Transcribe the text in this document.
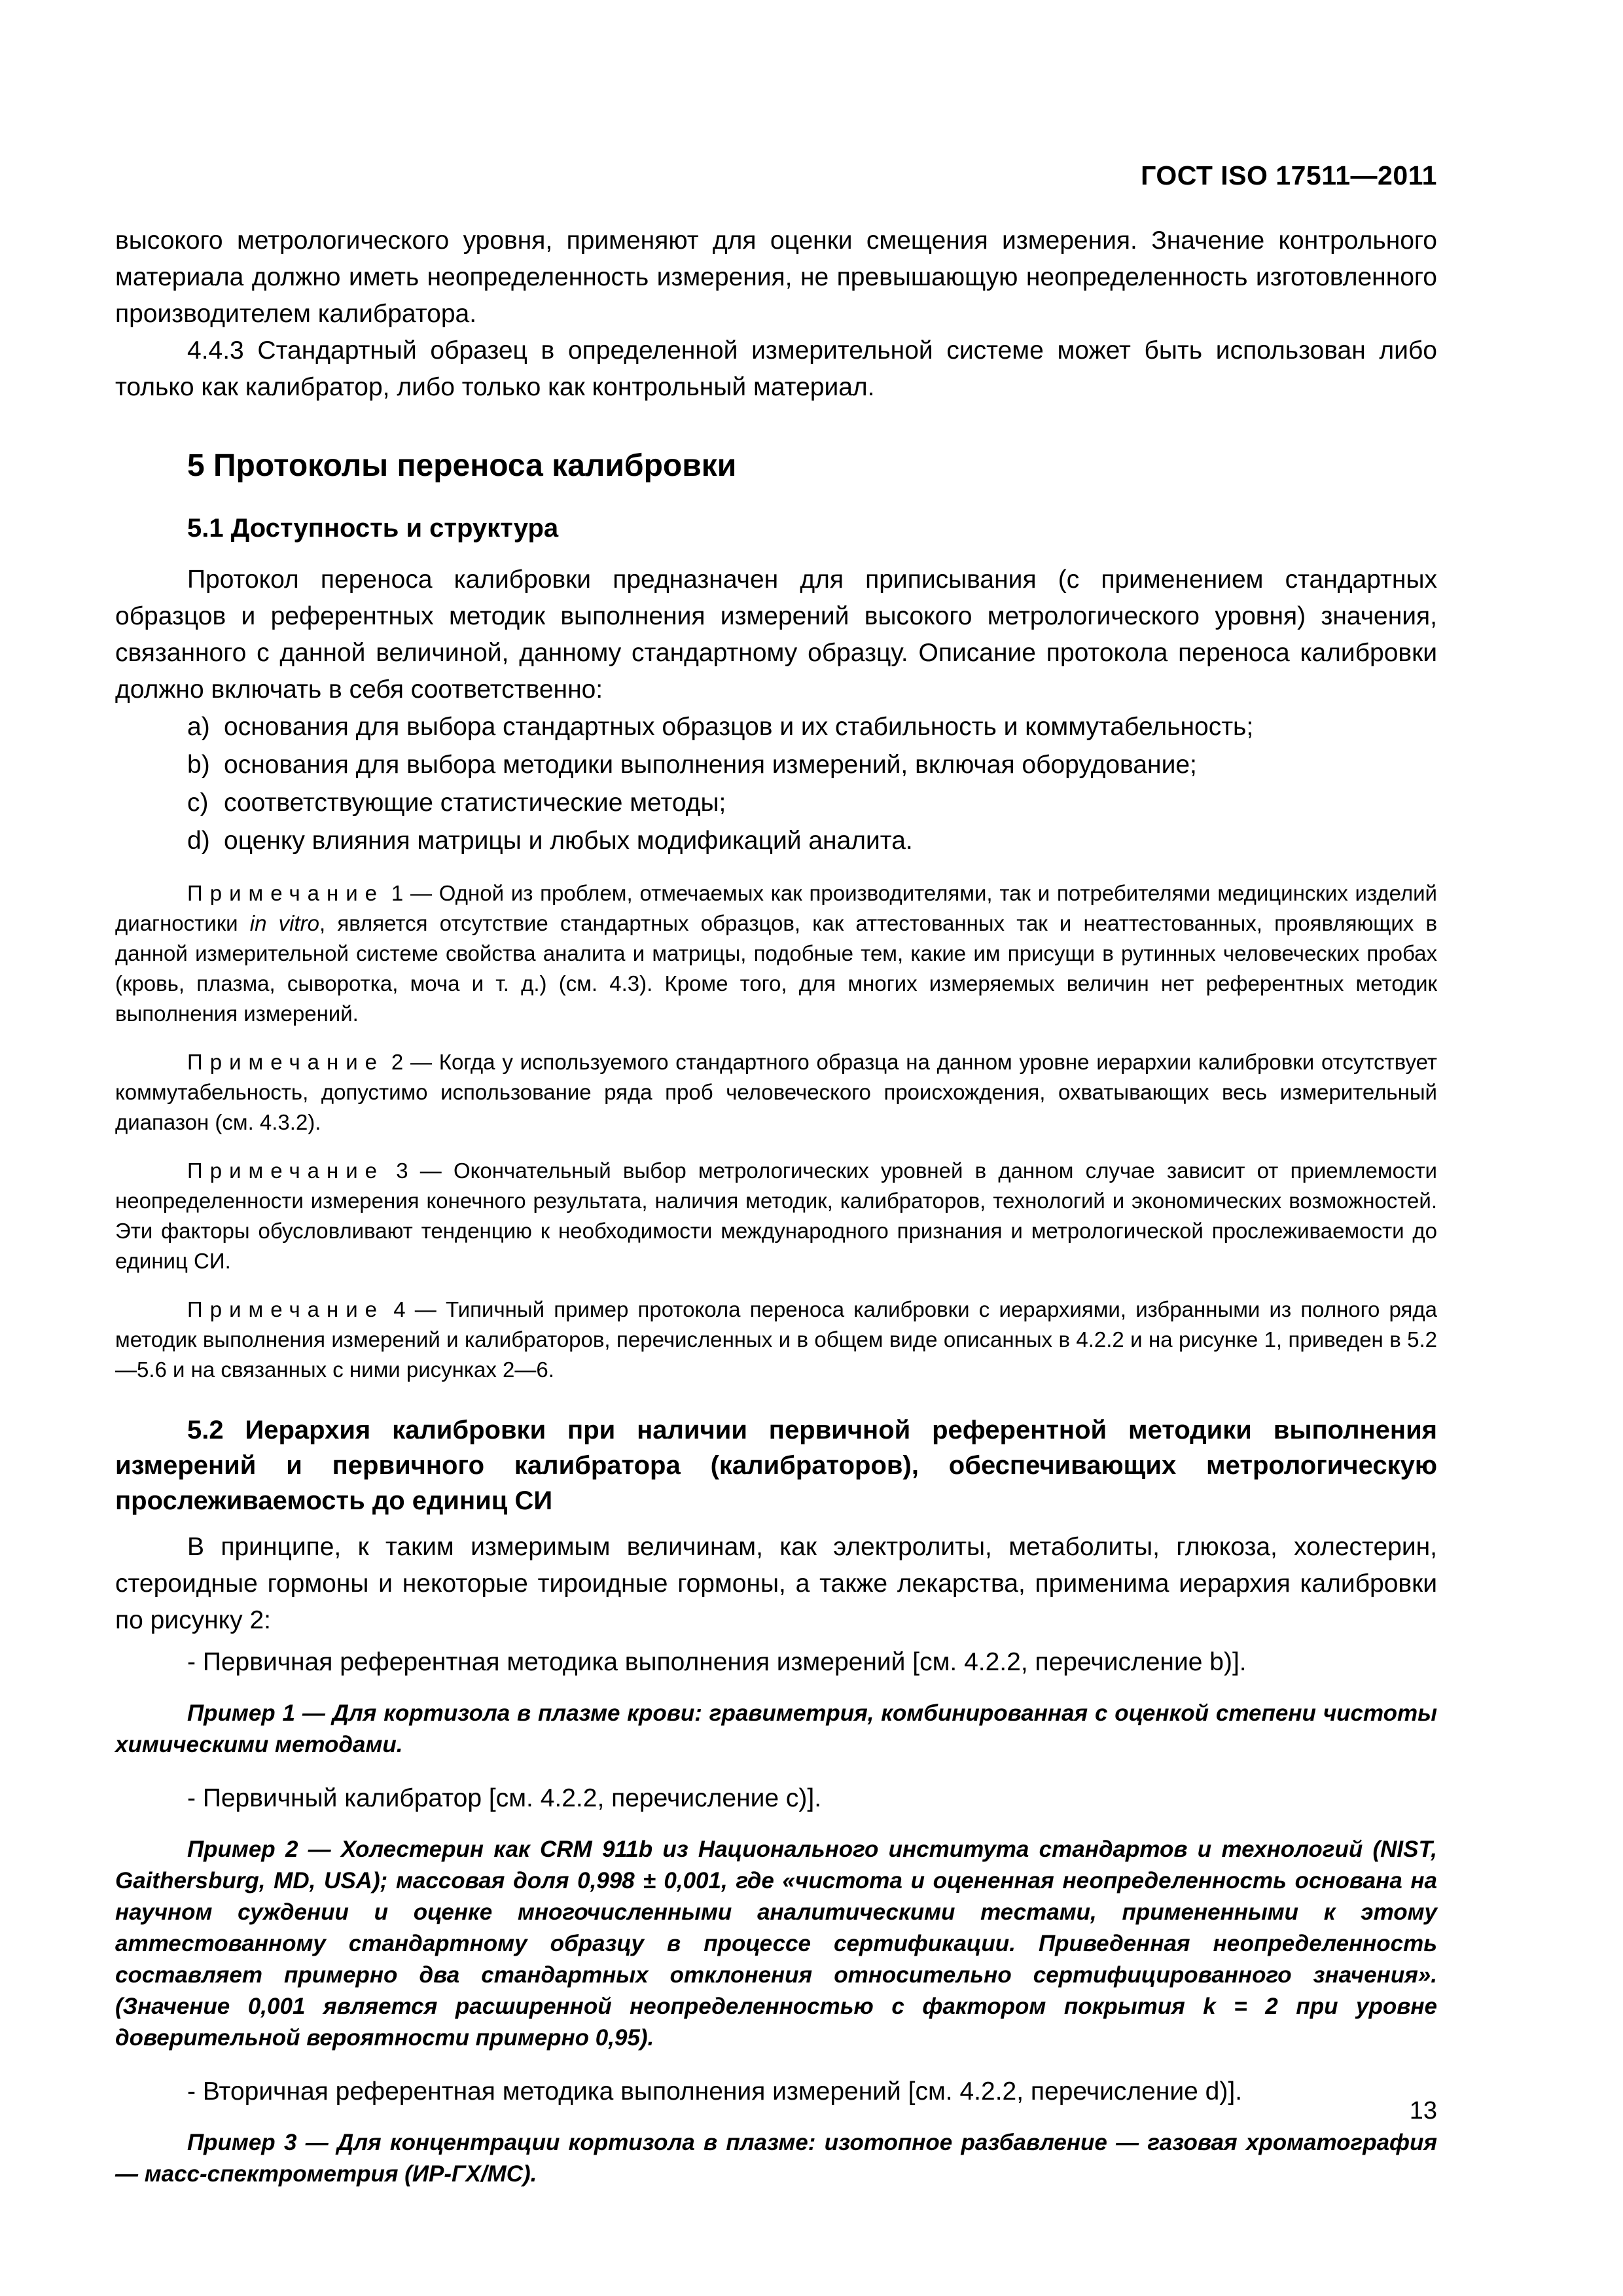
ГОСТ ISO 17511—2011

высокого метрологического уровня, применяют для оценки смещения измерения. Значение контрольного материала должно иметь неопределенность измерения, не превышающую неопределенность изготовленного производителем калибратора.

4.4.3 Стандартный образец в определенной измерительной системе может быть использован либо только как калибратор, либо только как контрольный материал.

5 Протоколы переноса калибровки
5.1 Доступность и структура

Протокол переноса калибровки предназначен для приписывания (с применением стандартных образцов и референтных методик выполнения измерений высокого метрологического уровня) значения, связанного с данной величиной, данному стандартному образцу. Описание протокола переноса калибровки должно включать в себя соответственно:

a) основания для выбора стандартных образцов и их стабильность и коммутабельность;
b) основания для выбора методики выполнения измерений, включая оборудование;
c) соответствующие статистические методы;
d) оценку влияния матрицы и любых модификаций аналита.

Примечание 1 — Одной из проблем, отмечаемых как производителями, так и потребителями медицинских изделий диагностики in vitro, является отсутствие стандартных образцов, как аттестованных так и неаттестованных, проявляющих в данной измерительной системе свойства аналита и матрицы, подобные тем, какие им присущи в рутинных человеческих пробах (кровь, плазма, сыворотка, моча и т. д.) (см. 4.3). Кроме того, для многих измеряемых величин нет референтных методик выполнения измерений.

Примечание 2 — Когда у используемого стандартного образца на данном уровне иерархии калибровки отсутствует коммутабельность, допустимо использование ряда проб человеческого происхождения, охватывающих весь измерительный диапазон (см. 4.3.2).

Примечание 3 — Окончательный выбор метрологических уровней в данном случае зависит от приемлемости неопределенности измерения конечного результата, наличия методик, калибраторов, технологий и экономических возможностей. Эти факторы обусловливают тенденцию к необходимости международного признания и метрологической прослеживаемости до единиц СИ.

Примечание 4 — Типичный пример протокола переноса калибровки с иерархиями, избранными из полного ряда методик выполнения измерений и калибраторов, перечисленных и в общем виде описанных в 4.2.2 и на рисунке 1, приведен в 5.2—5.6 и на связанных с ними рисунках 2—6.

5.2 Иерархия калибровки при наличии первичной референтной методики выполнения измерений и первичного калибратора (калибраторов), обеспечивающих метрологическую прослеживаемость до единиц СИ

В принципе, к таким измеримым величинам, как электролиты, метаболиты, глюкоза, холестерин, стероидные гормоны и некоторые тироидные гормоны, а также лекарства, применима иерархия калибровки по рисунку 2:

- Первичная референтная методика выполнения измерений [см. 4.2.2, перечисление b)].

Пример 1 — Для кортизола в плазме крови: гравиметрия, комбинированная с оценкой степени чистоты химическими методами.

- Первичный калибратор [см. 4.2.2, перечисление с)].

Пример 2 — Холестерин как CRM 911b из Национального института стандартов и технологий (NIST, Gaithersburg, MD, USA); массовая доля 0,998 ± 0,001, где «чистота и оцененная неопределенность основана на научном суждении и оценке многочисленными аналитическими тестами, примененными к этому аттестованному стандартному образцу в процессе сертификации. Приведенная неопределенность составляет примерно два стандартных отклонения относительно сертифицированного значения». (Значение 0,001 является расширенной неопределенностью с фактором покрытия k = 2 при уровне доверительной вероятности примерно 0,95).

- Вторичная референтная методика выполнения измерений [см. 4.2.2, перечисление d)].

Пример 3 — Для концентрации кортизола в плазме: изотопное разбавление — газовая хроматография — масс-спектрометрия (ИР-ГХ/МС).

13
